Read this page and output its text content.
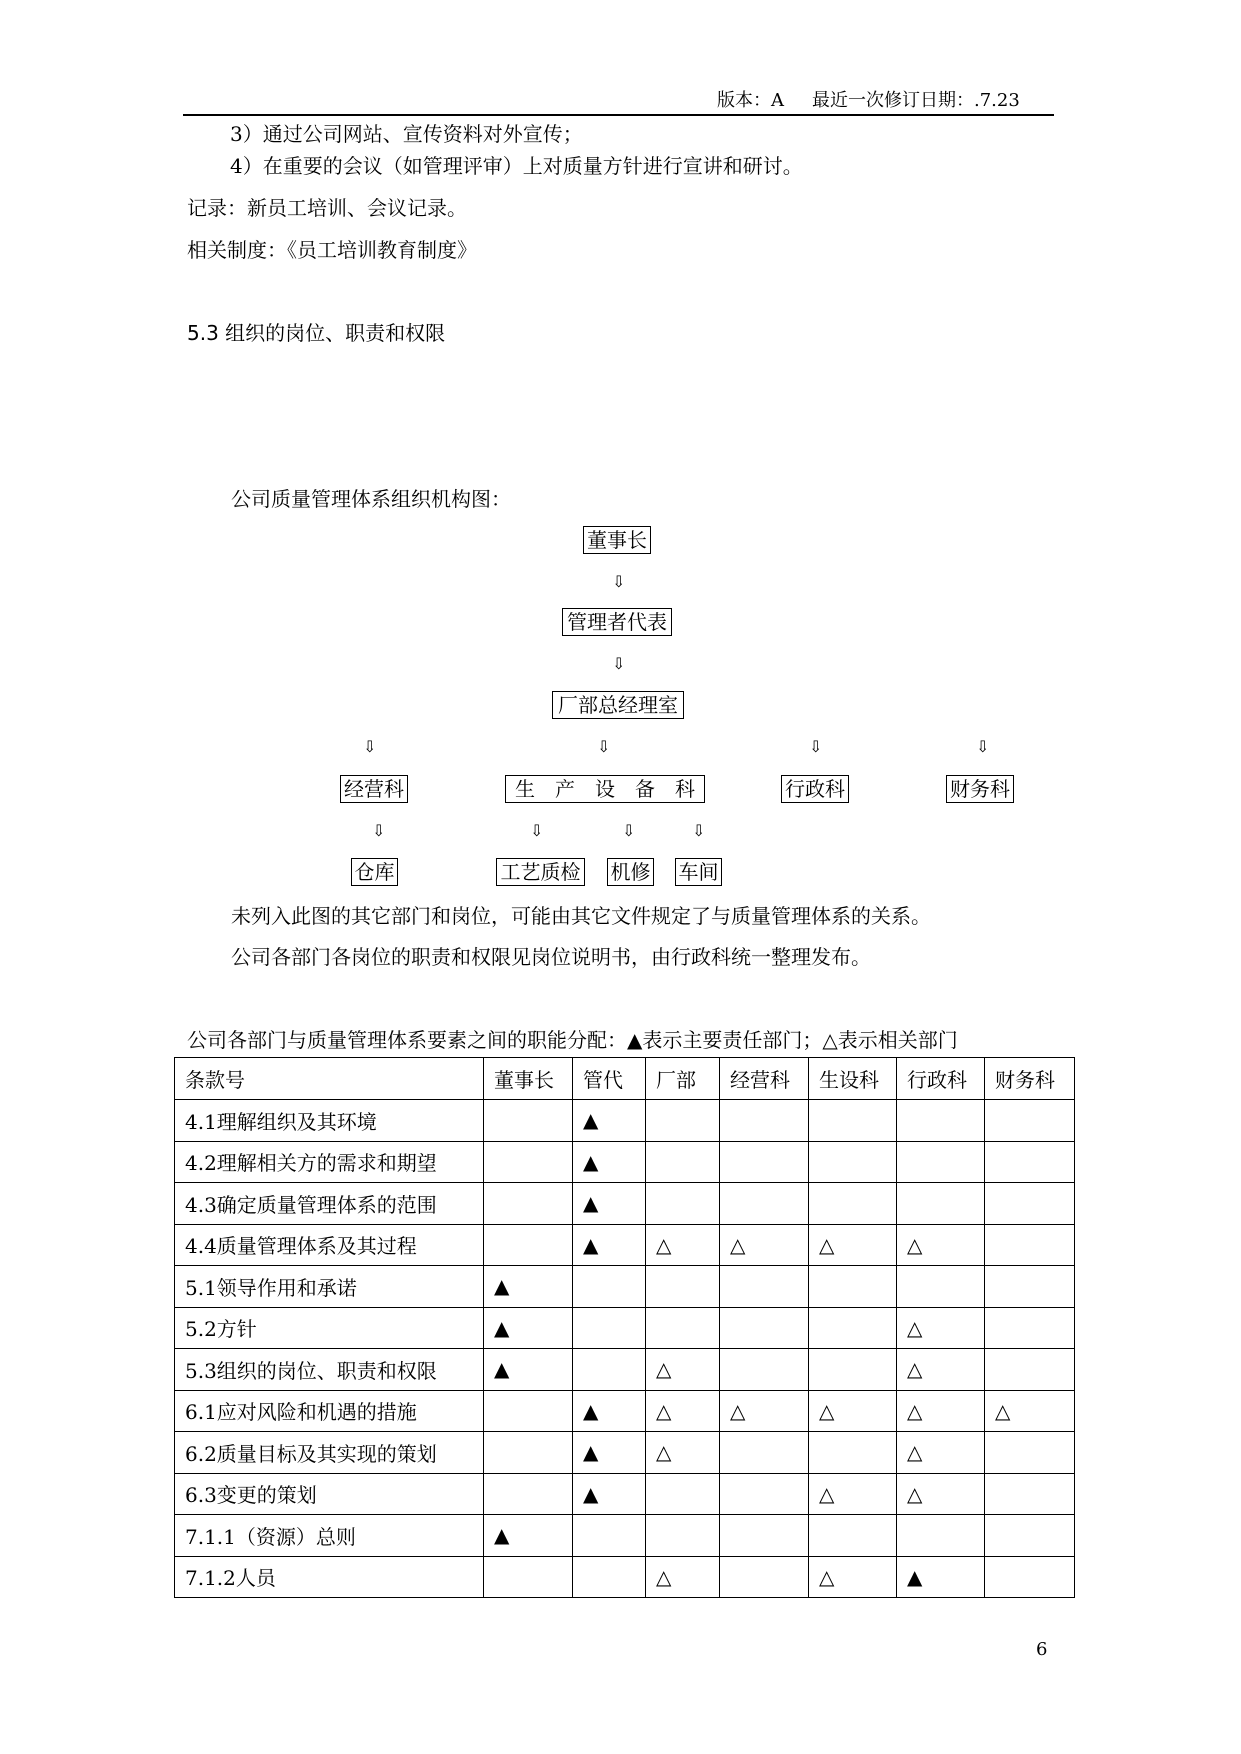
版本：A 最近一次修订日期：.7.23
3）通过公司网站、宣传资料对外宣传；
4）在重要的会议（如管理评审）上对质量方针进行宣讲和研讨。
记录：新员工培训、会议记录。
相关制度：《员工培训教育制度》
5.3 组织的岗位、职责和权限
公司质量管理体系组织机构图：
董事长
⇩
管理者代表
⇩
厂部总经理室
⇩	⇩	⇩	⇩
经营科	生　产　设　备　科	行政科	财务科
⇩	⇩	⇩	⇩
仓库	工艺质检 机修 车间
未列入此图的其它部门和岗位，可能由其它文件规定了与质量管理体系的关系。
公司各部门各岗位的职责和权限见岗位说明书，由行政科统一整理发布。
公司各部门与质量管理体系要素之间的职能分配：▲表示主要责任部门；△表示相关部门
条款号	董事长	管代	厂部	经营科	生设科	行政科	财务科
4.1理解组织及其环境		▲					
4.2理解相关方的需求和期望		▲					
4.3确定质量管理体系的范围		▲					
4.4质量管理体系及其过程		▲	△	△	△	△	
5.1领导作用和承诺	▲						
5.2方针	▲					△	
5.3组织的岗位、职责和权限	▲		△			△	
6.1应对风险和机遇的措施		▲	△	△	△	△	△
6.2质量目标及其实现的策划		▲	△			△	
6.3变更的策划		▲			△	△	
7.1.1（资源）总则	▲						
7.1.2人员			△		△	▲	
6
